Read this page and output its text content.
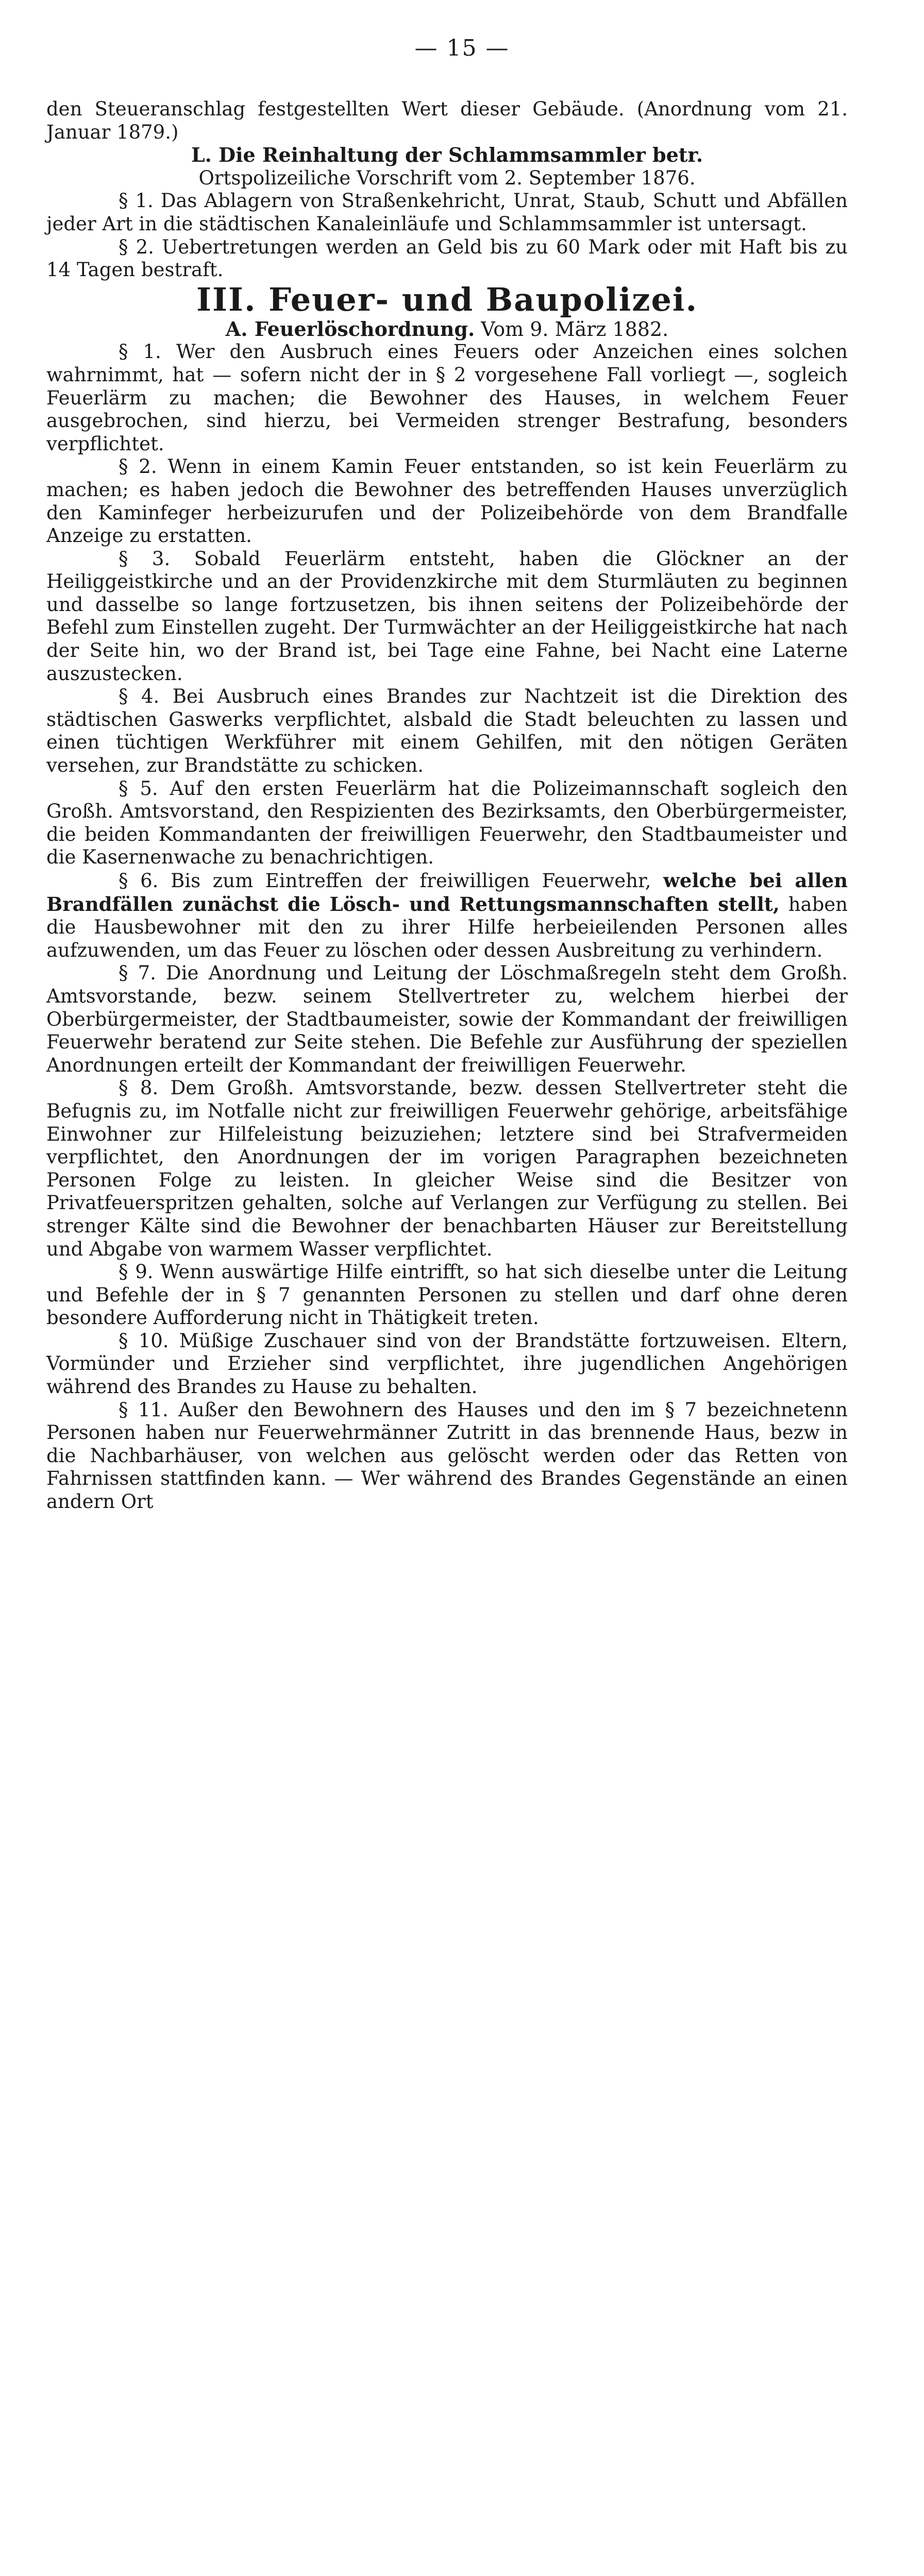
— 15 —

den Steueranschlag festgestellten Wert dieser Gebäude. (Anordnung vom 21. Januar 1879.)

L. Die Reinhaltung der Schlammsammler betr.

Ortspolizeiliche Vorschrift vom 2. September 1876.

§ 1. Das Ablagern von Straßenkehricht, Unrat, Staub, Schutt und Abfällen jeder Art in die städtischen Kanaleinläufe und Schlammsammler ist untersagt.

§ 2. Uebertretungen werden an Geld bis zu 60 Mark oder mit Haft bis zu 14 Tagen bestraft.

III. Feuer- und Baupolizei.

A. Feuerlöschordnung. Vom 9. März 1882.

§ 1. Wer den Ausbruch eines Feuers oder Anzeichen eines solchen wahrnimmt, hat — sofern nicht der in § 2 vorgesehene Fall vorliegt —, sogleich Feuerlärm zu machen; die Bewohner des Hauses, in welchem Feuer ausgebrochen, sind hierzu, bei Vermeiden strenger Bestrafung, besonders verpflichtet.

§ 2. Wenn in einem Kamin Feuer entstanden, so ist kein Feuerlärm zu machen; es haben jedoch die Bewohner des betreffenden Hauses unverzüglich den Kaminfeger herbeizurufen und der Polizeibehörde von dem Brandfalle Anzeige zu erstatten.

§ 3. Sobald Feuerlärm entsteht, haben die Glöckner an der Heiliggeistkirche und an der Providenzkirche mit dem Sturmläuten zu beginnen und dasselbe so lange fortzusetzen, bis ihnen seitens der Polizeibehörde der Befehl zum Einstellen zugeht. Der Turmwächter an der Heiliggeistkirche hat nach der Seite hin, wo der Brand ist, bei Tage eine Fahne, bei Nacht eine Laterne auszustecken.

§ 4. Bei Ausbruch eines Brandes zur Nachtzeit ist die Direktion des städtischen Gaswerks verpflichtet, alsbald die Stadt beleuchten zu lassen und einen tüchtigen Werkführer mit einem Gehilfen, mit den nötigen Geräten versehen, zur Brandstätte zu schicken.

§ 5. Auf den ersten Feuerlärm hat die Polizeimannschaft sogleich den Großh. Amtsvorstand, den Respizienten des Bezirksamts, den Oberbürgermeister, die beiden Kommandanten der freiwilligen Feuerwehr, den Stadtbaumeister und die Kasernenwache zu benachrichtigen.

§ 6. Bis zum Eintreffen der freiwilligen Feuerwehr, welche bei allen Brandfällen zunächst die Lösch- und Rettungsmannschaften stellt, haben die Hausbewohner mit den zu ihrer Hilfe herbeieilenden Personen alles aufzuwenden, um das Feuer zu löschen oder dessen Ausbreitung zu verhindern.

§ 7. Die Anordnung und Leitung der Löschmaßregeln steht dem Großh. Amtsvorstande, bezw. seinem Stellvertreter zu, welchem hierbei der Oberbürgermeister, der Stadtbaumeister, sowie der Kommandant der freiwilligen Feuerwehr beratend zur Seite stehen. Die Befehle zur Ausführung der speziellen Anordnungen erteilt der Kommandant der freiwilligen Feuerwehr.

§ 8. Dem Großh. Amtsvorstande, bezw. dessen Stellvertreter steht die Befugnis zu, im Notfalle nicht zur freiwilligen Feuerwehr gehörige, arbeitsfähige Einwohner zur Hilfeleistung beizuziehen; letztere sind bei Strafvermeiden verpflichtet, den Anordnungen der im vorigen Paragraphen bezeichneten Personen Folge zu leisten. In gleicher Weise sind die Besitzer von Privatfeuerspritzen gehalten, solche auf Verlangen zur Verfügung zu stellen. Bei strenger Kälte sind die Bewohner der benachbarten Häuser zur Bereitstellung und Abgabe von warmem Wasser verpflichtet.

§ 9. Wenn auswärtige Hilfe eintrifft, so hat sich dieselbe unter die Leitung und Befehle der in § 7 genannten Personen zu stellen und darf ohne deren besondere Aufforderung nicht in Thätigkeit treten.

§ 10. Müßige Zuschauer sind von der Brandstätte fortzuweisen. Eltern, Vormünder und Erzieher sind verpflichtet, ihre jugendlichen Angehörigen während des Brandes zu Hause zu behalten.

§ 11. Außer den Bewohnern des Hauses und den im § 7 bezeichnetenn Personen haben nur Feuerwehrmänner Zutritt in das brennende Haus, bezw in die Nachbarhäuser, von welchen aus gelöscht werden oder das Retten von Fahrnissen stattfinden kann. — Wer während des Brandes Gegenstände an einen andern Ort
